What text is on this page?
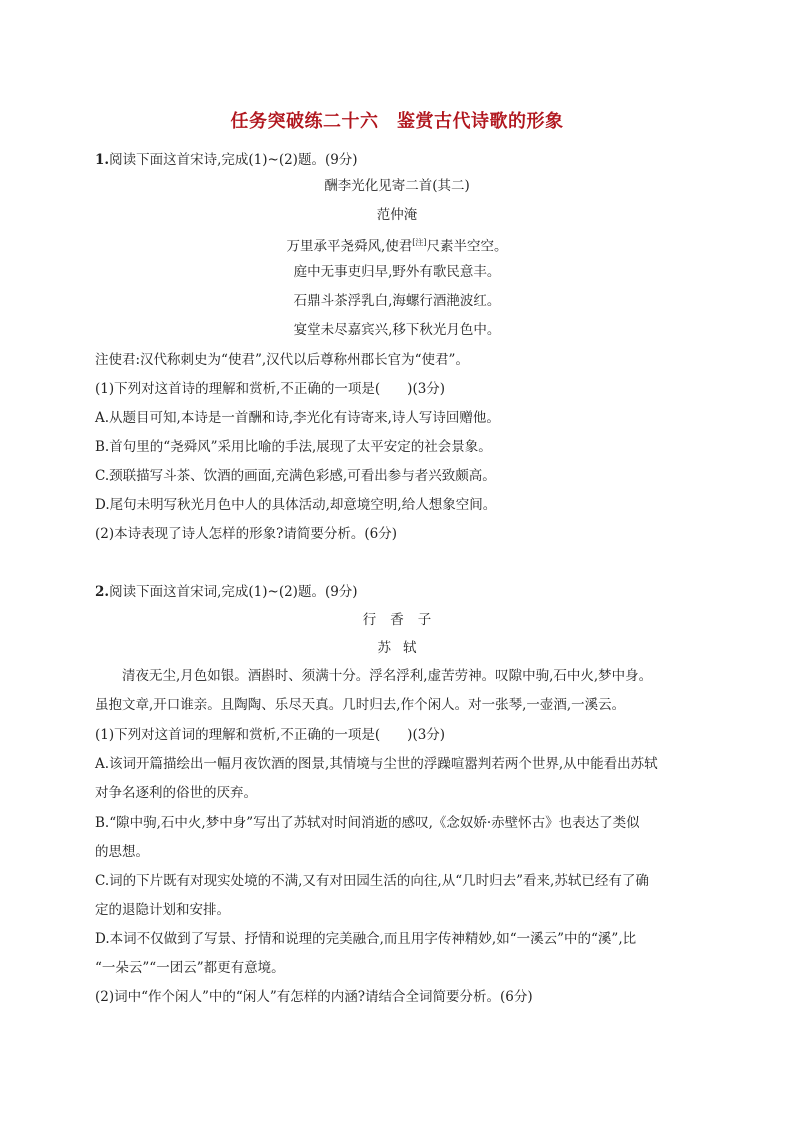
任务突破练二十六　鉴赏古代诗歌的形象
1.阅读下面这首宋诗,完成(1)~(2)题。(9分)
酬李光化见寄二首(其二)
范仲淹
万里承平尧舜风,使君[注]尺素半空空。
庭中无事吏归早,野外有歌民意丰。
石鼎斗茶浮乳白,海螺行酒滟波红。
宴堂未尽嘉宾兴,移下秋光月色中。
注使君:汉代称刺史为“使君”,汉代以后尊称州郡长官为“使君”。
(1)下列对这首诗的理解和赏析,不正确的一项是(　　)(3分)
A.从题目可知,本诗是一首酬和诗,李光化有诗寄来,诗人写诗回赠他。
B.首句里的“尧舜风”采用比喻的手法,展现了太平安定的社会景象。
C.颈联描写斗茶、饮酒的画面,充满色彩感,可看出参与者兴致颇高。
D.尾句未明写秋光月色中人的具体活动,却意境空明,给人想象空间。
(2)本诗表现了诗人怎样的形象?请简要分析。(6分)
2.阅读下面这首宋词,完成(1)~(2)题。(9分)
行香子
苏轼
清夜无尘,月色如银。酒斟时、须满十分。浮名浮利,虚苦劳神。叹隙中驹,石中火,梦中身。
虽抱文章,开口谁亲。且陶陶、乐尽天真。几时归去,作个闲人。对一张琴,一壶酒,一溪云。
(1)下列对这首词的理解和赏析,不正确的一项是(　　)(3分)
A.该词开篇描绘出一幅月夜饮酒的图景,其情境与尘世的浮躁喧嚣判若两个世界,从中能看出苏轼
对争名逐利的俗世的厌弃。
B.“隙中驹,石中火,梦中身”写出了苏轼对时间消逝的感叹,《念奴娇·赤壁怀古》也表达了类似
的思想。
C.词的下片既有对现实处境的不满,又有对田园生活的向往,从“几时归去”看来,苏轼已经有了确
定的退隐计划和安排。
D.本词不仅做到了写景、抒情和说理的完美融合,而且用字传神精妙,如“一溪云”中的“溪”,比
“一朵云”“一团云”都更有意境。
(2)词中“作个闲人”中的“闲人”有怎样的内涵?请结合全词简要分析。(6分)
